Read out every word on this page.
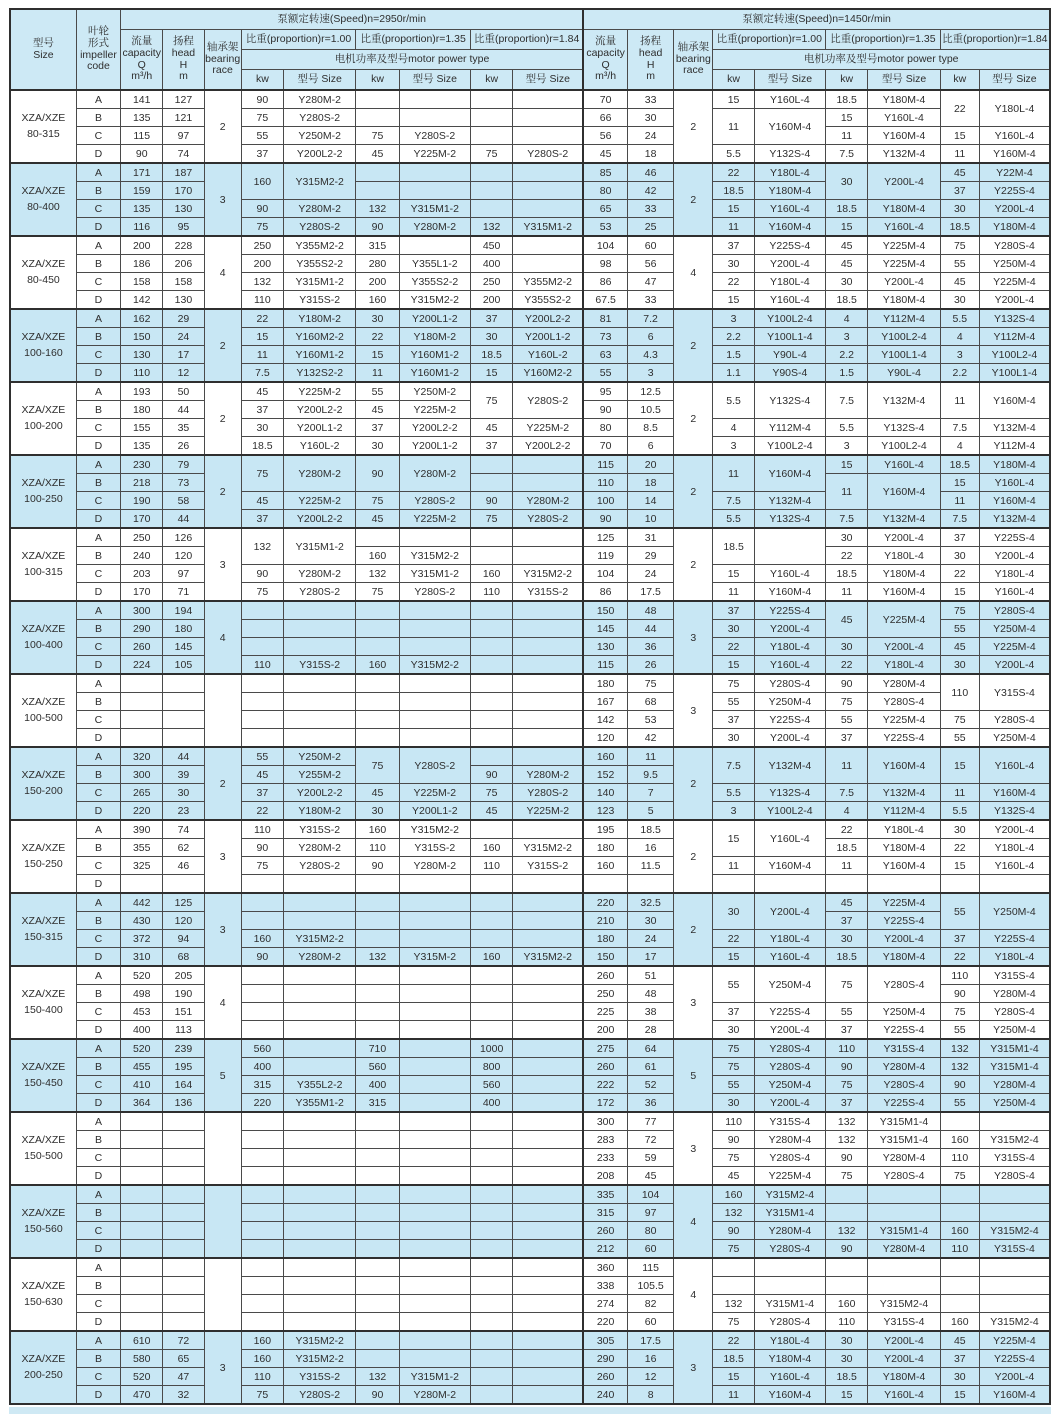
型号
Size	叶轮
形式
impeller
code	泵额定转速(Speed)n=2950r/min									泵额定转速(Speed)n=1450r/min								
		流量
capacity
Q
m³/h	扬程
head
H
m	轴承架
bearing
race	比重(proportion)r=1.00		比重(proportion)r=1.35		比重(proportion)r=1.84		流量
capacity
Q
m³/h	扬程
head
H
m	轴承架
bearing
race	比重(proportion)r=1.00		比重(proportion)r=1.35		比重(proportion)r=1.84	
					电机功率及型号motor power type									电机功率及型号motor power type					
					kw	型号 Size	kw	型号 Size	kw	型号 Size				kw	型号 Size	kw	型号 Size	kw	型号 Size
XZA/XZE
80-315	A	141	127	2	90	Y280M-2					70	33	2	15	Y160L-4	18.5	Y180M-4	22	Y180L-4
	B	135	121		75	Y280S-2					66	30		11	Y160M-4	15	Y160L-4		
	C	115	97		55	Y250M-2	75	Y280S-2			56	24				11	Y160M-4	15	Y160L-4
	D	90	74		37	Y200L2-2	45	Y225M-2	75	Y280S-2	45	18		5.5	Y132S-4	7.5	Y132M-4	11	Y160M-4
XZA/XZE
80-400	A	171	187	3	160	Y315M2-2					85	46	2	22	Y180L-4	30	Y200L-4	45	Y22M-4
	B	159	170								80	42		18.5	Y180M-4			37	Y225S-4
	C	135	130		90	Y280M-2	132	Y315M1-2			65	33		15	Y160L-4	18.5	Y180M-4	30	Y200L-4
	D	116	95		75	Y280S-2	90	Y280M-2	132	Y315M1-2	53	25		11	Y160M-4	15	Y160L-4	18.5	Y180M-4
XZA/XZE
80-450	A	200	228	4	250	Y355M2-2	315		450		104	60	4	37	Y225S-4	45	Y225M-4	75	Y280S-4
	B	186	206		200	Y355S2-2	280	Y355L1-2	400		98	56		30	Y200L-4	45	Y225M-4	55	Y250M-4
	C	158	158		132	Y315M1-2	200	Y355S2-2	250	Y355M2-2	86	47		22	Y180L-4	30	Y200L-4	45	Y225M-4
	D	142	130		110	Y315S-2	160	Y315M2-2	200	Y355S2-2	67.5	33		15	Y160L-4	18.5	Y180M-4	30	Y200L-4
XZA/XZE
100-160	A	162	29	2	22	Y180M-2	30	Y200L1-2	37	Y200L2-2	81	7.2	2	3	Y100L2-4	4	Y112M-4	5.5	Y132S-4
	B	150	24		15	Y160M2-2	22	Y180M-2	30	Y200L1-2	73	6		2.2	Y100L1-4	3	Y100L2-4	4	Y112M-4
	C	130	17		11	Y160M1-2	15	Y160M1-2	18.5	Y160L-2	63	4.3		1.5	Y90L-4	2.2	Y100L1-4	3	Y100L2-4
	D	110	12		7.5	Y132S2-2	11	Y160M1-2	15	Y160M2-2	55	3		1.1	Y90S-4	1.5	Y90L-4	2.2	Y100L1-4
XZA/XZE
100-200	A	193	50	2	45	Y225M-2	55	Y250M-2	75	Y280S-2	95	12.5	2	5.5	Y132S-4	7.5	Y132M-4	11	Y160M-4
	B	180	44		37	Y200L2-2	45	Y225M-2			90	10.5							
	C	155	35		30	Y200L1-2	37	Y200L2-2	45	Y225M-2	80	8.5		4	Y112M-4	5.5	Y132S-4	7.5	Y132M-4
	D	135	26		18.5	Y160L-2	30	Y200L1-2	37	Y200L2-2	70	6		3	Y100L2-4	3	Y100L2-4	4	Y112M-4
XZA/XZE
100-250	A	230	79	2	75	Y280M-2	90	Y280M-2			115	20	2	11	Y160M-4	15	Y160L-4	18.5	Y180M-4
	B	218	73								110	18				11	Y160M-4	15	Y160L-4
	C	190	58		45	Y225M-2	75	Y280S-2	90	Y280M-2	100	14		7.5	Y132M-4			11	Y160M-4
	D	170	44		37	Y200L2-2	45	Y225M-2	75	Y280S-2	90	10		5.5	Y132S-4	7.5	Y132M-4	7.5	Y132M-4
XZA/XZE
100-315	A	250	126	3	132	Y315M1-2					125	31	2	18.5		30	Y200L-4	37	Y225S-4
	B	240	120				160	Y315M2-2			119	29				22	Y180L-4	30	Y200L-4
	C	203	97		90	Y280M-2	132	Y315M1-2	160	Y315M2-2	104	24		15	Y160L-4	18.5	Y180M-4	22	Y180L-4
	D	170	71		75	Y280S-2	75	Y280S-2	110	Y315S-2	86	17.5		11	Y160M-4	11	Y160M-4	15	Y160L-4
XZA/XZE
100-400	A	300	194	4							150	48	3	37	Y225S-4	45	Y225M-4	75	Y280S-4
	B	290	180								145	44		30	Y200L-4			55	Y250M-4
	C	260	145								130	36		22	Y180L-4	30	Y200L-4	45	Y225M-4
	D	224	105		110	Y315S-2	160	Y315M2-2			115	26		15	Y160L-4	22	Y180L-4	30	Y200L-4
XZA/XZE
100-500	A										180	75	3	75	Y280S-4	90	Y280M-4	110	Y315S-4
	B										167	68		55	Y250M-4	75	Y280S-4		
	C										142	53		37	Y225S-4	55	Y225M-4	75	Y280S-4
	D										120	42		30	Y200L-4	37	Y225S-4	55	Y250M-4
XZA/XZE
150-200	A	320	44	2	55	Y250M-2	75	Y280S-2			160	11	2	7.5	Y132M-4	11	Y160M-4	15	Y160L-4
	B	300	39		45	Y255M-2			90	Y280M-2	152	9.5							
	C	265	30		37	Y200L2-2	45	Y225M-2	75	Y280S-2	140	7		5.5	Y132S-4	7.5	Y132M-4	11	Y160M-4
	D	220	23		22	Y180M-2	30	Y200L1-2	45	Y225M-2	123	5		3	Y100L2-4	4	Y112M-4	5.5	Y132S-4
XZA/XZE
150-250	A	390	74	3	110	Y315S-2	160	Y315M2-2			195	18.5	2	15	Y160L-4	22	Y180L-4	30	Y200L-4
	B	355	62		90	Y280M-2	110	Y315S-2	160	Y315M2-2	180	16				18.5	Y180M-4	22	Y180L-4
	C	325	46		75	Y280S-2	90	Y280M-2	110	Y315S-2	160	11.5		11	Y160M-4	11	Y160M-4	15	Y160L-4
	D																		
XZA/XZE
150-315	A	442	125	3							220	32.5	2	30	Y200L-4	45	Y225M-4	55	Y250M-4
	B	430	120								210	30				37	Y225S-4		
	C	372	94		160	Y315M2-2					180	24		22	Y180L-4	30	Y200L-4	37	Y225S-4
	D	310	68		90	Y280M-2	132	Y315M-2	160	Y315M2-2	150	17		15	Y160L-4	18.5	Y180M-4	22	Y180L-4
XZA/XZE
150-400	A	520	205	4							260	51	3	55	Y250M-4	75	Y280S-4	110	Y315S-4
	B	498	190								250	48						90	Y280M-4
	C	453	151								225	38		37	Y225S-4	55	Y250M-4	75	Y280S-4
	D	400	113								200	28		30	Y200L-4	37	Y225S-4	55	Y250M-4
XZA/XZE
150-450	A	520	239	5	560		710		1000		275	64	5	75	Y280S-4	110	Y315S-4	132	Y315M1-4
	B	455	195		400		560		800		260	61		75	Y280S-4	90	Y280M-4	132	Y315M1-4
	C	410	164		315	Y355L2-2	400		560		222	52		55	Y250M-4	75	Y280S-4	90	Y280M-4
	D	364	136		220	Y355M1-2	315		400		172	36		30	Y200L-4	37	Y225S-4	55	Y250M-4
XZA/XZE
150-500	A										300	77	3	110	Y315S-4	132	Y315M1-4		
	B										283	72		90	Y280M-4	132	Y315M1-4	160	Y315M2-4
	C										233	59		75	Y280S-4	90	Y280M-4	110	Y315S-4
	D										208	45		45	Y225M-4	75	Y280S-4	75	Y280S-4
XZA/XZE
150-560	A										335	104	4	160	Y315M2-4				
	B										315	97		132	Y315M1-4				
	C										260	80		90	Y280M-4	132	Y315M1-4	160	Y315M2-4
	D										212	60		75	Y280S-4	90	Y280M-4	110	Y315S-4
XZA/XZE
150-630	A										360	115	4						
	B										338	105.5							
	C										274	82		132	Y315M1-4	160	Y315M2-4		
	D										220	60		75	Y280S-4	110	Y315S-4	160	Y315M2-4
XZA/XZE
200-250	A	610	72	3	160	Y315M2-2					305	17.5	3	22	Y180L-4	30	Y200L-4	45	Y225M-4
	B	580	65		160	Y315M2-2					290	16		18.5	Y180M-4	30	Y200L-4	37	Y225S-4
	C	520	47		110	Y315S-2	132	Y315M1-2			260	12		15	Y160L-4	18.5	Y180M-4	30	Y200L-4
	D	470	32		75	Y280S-2	90	Y280M-2			240	8		11	Y160M-4	15	Y160L-4	15	Y160M-4
